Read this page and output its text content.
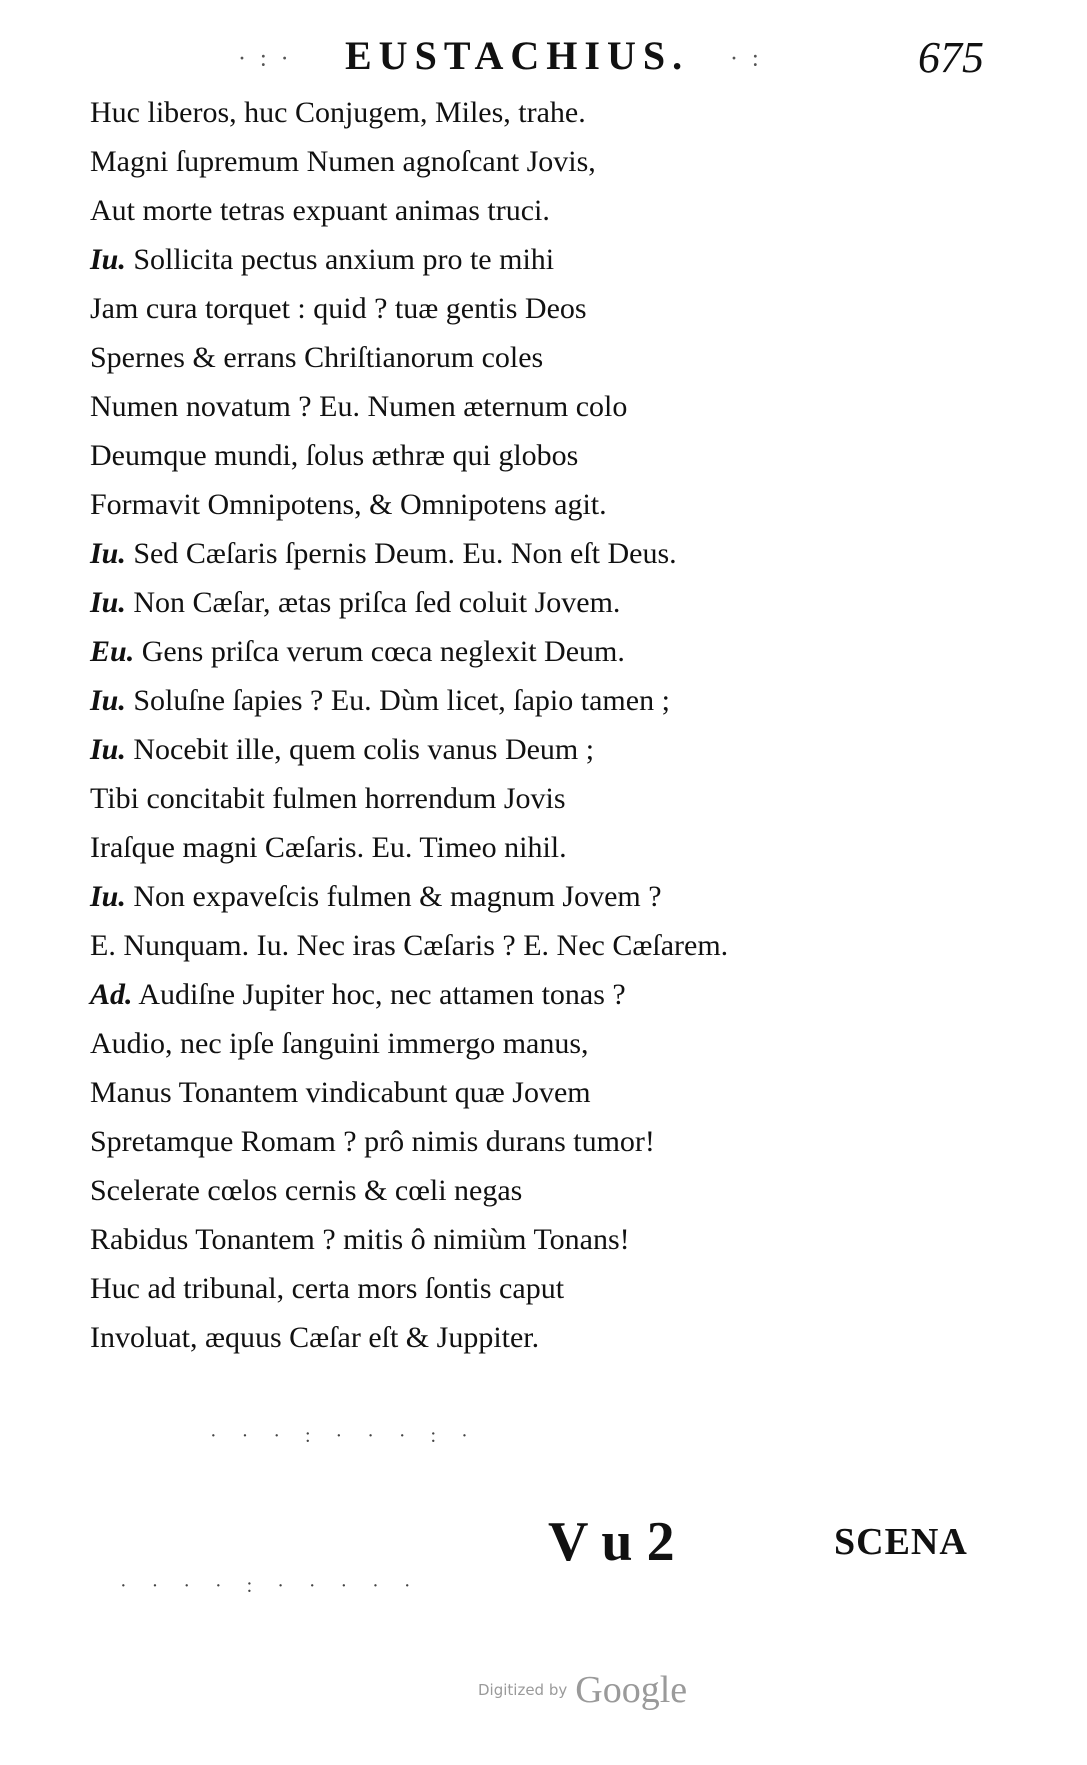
· : · EUSTACHIUS. · :	675
Huc liberos, huc Conjugem, Miles, trahe.
Magni ſupremum Numen agnoſcant Jovis,
Aut morte tetras expuant animas truci.
Iu. Sollicita pectus anxium pro te mihi
Jam cura torquet : quid ? tuæ gentis Deos
Spernes & errans Chriſtianorum coles
Numen novatum ? Eu. Numen æternum colo
Deumque mundi, ſolus æthræ qui globos
Formavit Omnipotens, & Omnipotens agit.
Iu. Sed Cæſaris ſpernis Deum. Eu. Non eſt Deus.
Iu. Non Cæſar, ætas priſca ſed coluit Jovem.
Eu. Gens priſca verum cœca neglexit Deum.
Iu. Soluſne ſapies ? Eu. Dùm licet, ſapio tamen ;
Iu. Nocebit ille, quem colis vanus Deum ;
Tibi concitabit fulmen horrendum Jovis
Iraſque magni Cæſaris. Eu. Timeo nihil.
Iu. Non expaveſcis fulmen & magnum Jovem ?
E. Nunquam. Iu. Nec iras Cæſaris ? E. Nec Cæſarem.
Ad. Audiſne Jupiter hoc, nec attamen tonas ?
Audio, nec ipſe ſanguini immergo manus,
Manus Tonantem vindicabunt quæ Jovem
Spretamque Romam ? prô nimis durans tumor!
Scelerate cœlos cernis & cœli negas
Rabidus Tonantem ? mitis ô nimiùm Tonans!
Huc ad tribunal, certa mors ſontis caput
Involuat, æquus Cæſar eſt & Juppiter.
· · · : · · · : ·
· · · · : · · · · ·
V u 2	SCENA
Digitized by Google
